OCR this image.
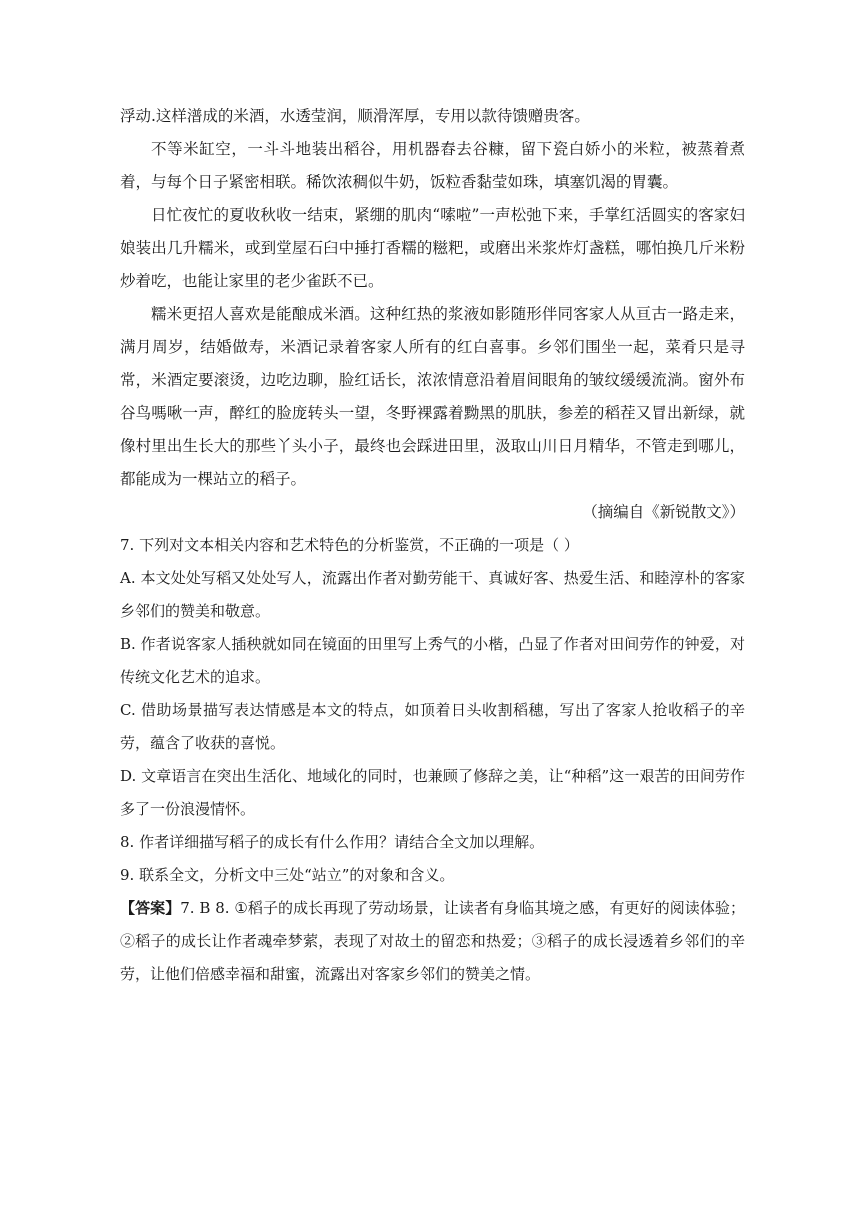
浮动.这样潽成的米酒，水透莹润，顺滑浑厚，专用以款待馈赠贵客。

不等米缸空，一斗斗地装出稻谷，用机器舂去谷糠，留下瓷白娇小的米粒，被蒸着煮着，与每个日子紧密相联。稀饮浓稠似牛奶，饭粒香黏莹如珠，填塞饥渴的胃囊。

日忙夜忙的夏收秋收一结束，紧绷的肌肉“嗦啦”一声松弛下来，手掌红活圆实的客家妇娘装出几升糯米，或到堂屋石臼中捶打香糯的糍粑，或磨出米浆炸灯盏糕，哪怕换几斤米粉炒着吃，也能让家里的老少雀跃不已。

糯米更招人喜欢是能酿成米酒。这种红热的浆液如影随形伴同客家人从亘古一路走来，满月周岁，结婚做寿，米酒记录着客家人所有的红白喜事。乡邻们围坐一起，菜肴只是寻常，米酒定要滚烫，边吃边聊，脸红话长，浓浓情意沿着眉间眼角的皱纹缓缓流淌。窗外布谷鸟嗎啾一声，醉红的脸庞转头一望，冬野裸露着黝黑的肌肤，参差的稻茬又冒出新绿，就像村里出生长大的那些丫头小子，最终也会踩进田里，汲取山川日月精华，不管走到哪儿，都能成为一棵站立的稻子。

（摘编自《新锐散文》）

7. 下列对文本相关内容和艺术特色的分析鉴赏，不正确的一项是（ ）

A. 本文处处写稻又处处写人，流露出作者对勤劳能干、真诚好客、热爱生活、和睦淳朴的客家乡邻们的赞美和敬意。

B. 作者说客家人插秧就如同在镜面的田里写上秀气的小楷，凸显了作者对田间劳作的钟爱，对传统文化艺术的追求。

C. 借助场景描写表达情感是本文的特点，如顶着日头收割稻穗，写出了客家人抢收稻子的辛劳，蕴含了收获的喜悦。

D. 文章语言在突出生活化、地域化的同时，也兼顾了修辞之美，让“种稻”这一艰苦的田间劳作多了一份浪漫情怀。

8. 作者详细描写稻子的成长有什么作用？请结合全文加以理解。

9. 联系全文，分析文中三处“站立”的对象和含义。

【答案】7. B 8. ①稻子的成长再现了劳动场景，让读者有身临其境之感，有更好的阅读体验；②稻子的成长让作者魂牵梦萦，表现了对故土的留恋和热爱；③稻子的成长浸透着乡邻们的辛劳，让他们倍感幸福和甜蜜，流露出对客家乡邻们的赞美之情。
